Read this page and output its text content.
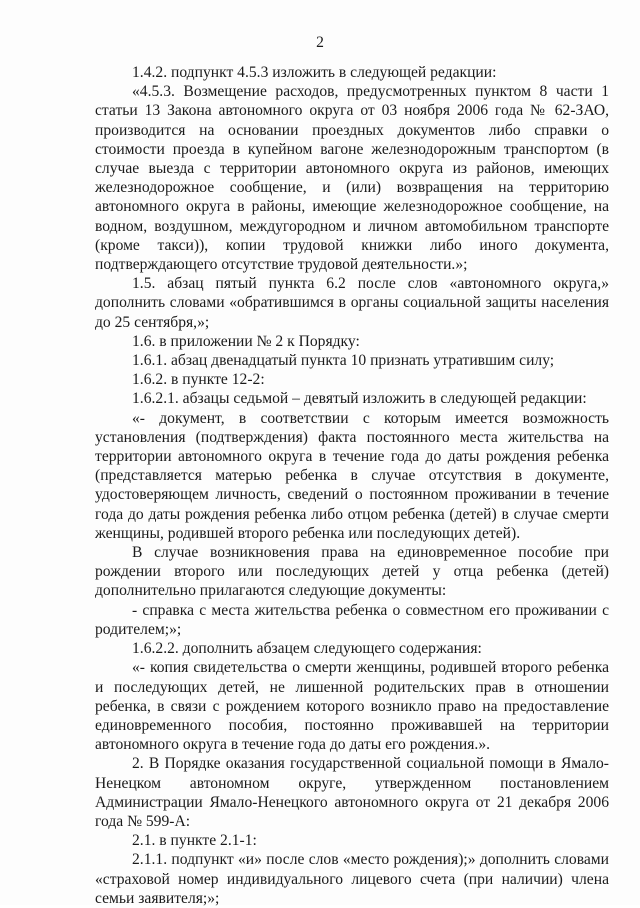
2

1.4.2. подпункт 4.5.3 изложить в следующей редакции:

«4.5.3. Возмещение расходов, предусмотренных пунктом 8 части 1 статьи 13 Закона автономного округа от 03 ноября 2006 года № 62-ЗАО, производится на основании проездных документов либо справки о стоимости проезда в купейном вагоне железнодорожным транспортом (в случае выезда с территории автономного округа из районов, имеющих железнодорожное сообщение, и (или) возвращения на территорию автономного округа в районы, имеющие железнодорожное сообщение, на водном, воздушном, междугородном и личном автомобильном транспорте (кроме такси)), копии трудовой книжки либо иного документа, подтверждающего отсутствие трудовой деятельности.»;

1.5. абзац пятый пункта 6.2 после слов «автономного округа,» дополнить словами «обратившимся в органы социальной защиты населения до 25 сентября,»;

1.6. в приложении № 2 к Порядку:

1.6.1. абзац двенадцатый пункта 10 признать утратившим силу;

1.6.2. в пункте 12-2:

1.6.2.1. абзацы седьмой – девятый изложить в следующей редакции:

«- документ, в соответствии с которым имеется возможность установления (подтверждения) факта постоянного места жительства на территории автономного округа в течение года до даты рождения ребенка (представляется матерью ребенка в случае отсутствия в документе, удостоверяющем личность, сведений о постоянном проживании в течение года до даты рождения ребенка либо отцом ребенка (детей) в случае смерти женщины, родившей второго ребенка или последующих детей).

В случае возникновения права на единовременное пособие при рождении второго или последующих детей у отца ребенка (детей) дополнительно прилагаются следующие документы:

- справка с места жительства ребенка о совместном его проживании с родителем;»;

1.6.2.2. дополнить абзацем следующего содержания:

«- копия свидетельства о смерти женщины, родившей второго ребенка и последующих детей, не лишенной родительских прав в отношении ребенка, в связи с рождением которого возникло право на предоставление единовременного пособия, постоянно проживавшей на территории автономного округа в течение года до даты его рождения.».

2. В Порядке оказания государственной социальной помощи в Ямало-Ненецком автономном округе, утвержденном постановлением Администрации Ямало-Ненецкого автономного округа от 21 декабря 2006 года № 599-А:

2.1. в пункте 2.1-1:

2.1.1. подпункт «и» после слов «место рождения);» дополнить словами «страховой номер индивидуального лицевого счета (при наличии) члена семьи заявителя;»;
